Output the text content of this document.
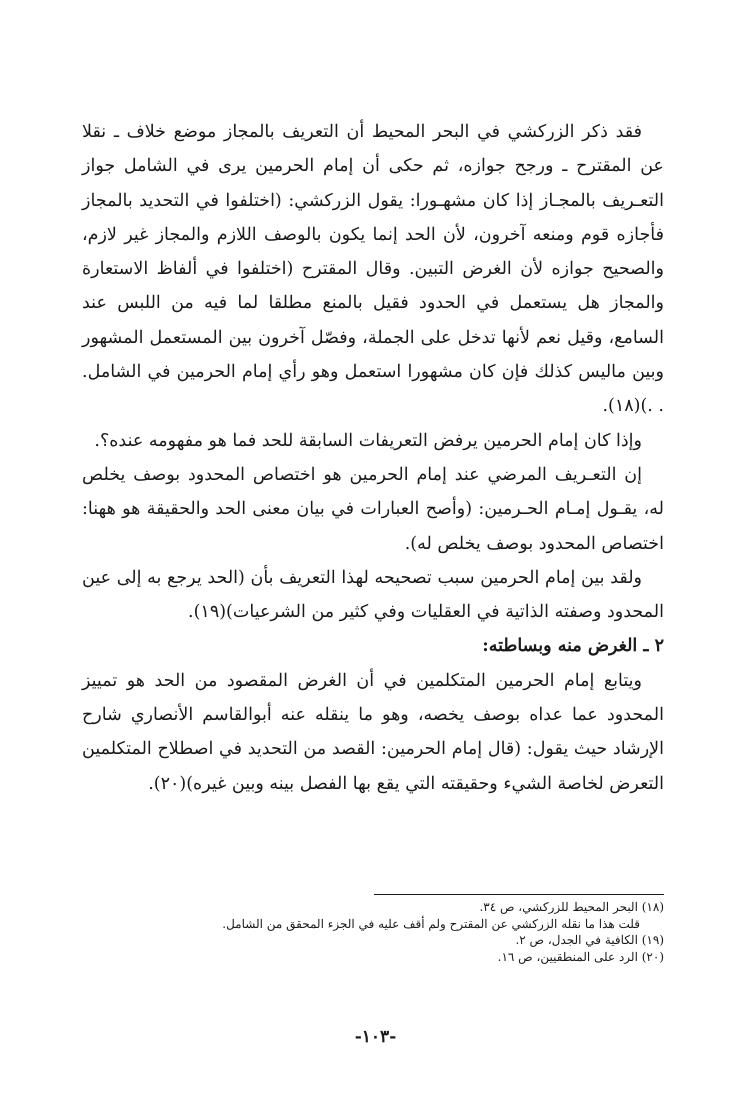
فقد ذكر الزركشي في البحر المحيط أن التعريف بالمجاز موضع خلاف ـ نقلا عن المقترح ـ ورجح جوازه، ثم حكى أن إمام الحرمين يرى في الشامل جواز التعـريف بالمجـاز إذا كان مشهـورا: يقول الزركشي: (اختلفوا في التحديد بالمجاز فأجازه قوم ومنعه آخرون، لأن الحد إنما يكون بالوصف اللازم والمجاز غير لازم، والصحيح جوازه لأن الغرض التبين. وقال المقترح (اختلفوا في ألفاظ الاستعارة والمجاز هل يستعمل في الحدود فقيل بالمنع مطلقا لما فيه من اللبس عند السامع، وقيل نعم لأنها تدخل على الجملة، وفصّل آخرون بين المستعمل المشهور وبين ماليس كذلك فإن كان مشهورا استعمل وهو رأي إمام الحرمين في الشامل. . .)(١٨).

وإذا كان إمام الحرمين يرفض التعريفات السابقة للحد فما هو مفهومه عنده؟.

إن التعـريف المرضي عند إمام الحرمين هو اختصاص المحدود بوصف يخلص له، يقـول إمـام الحـرمين: (وأصح العبارات في بيان معنى الحد والحقيقة هو ههنا: اختصاص المحدود بوصف يخلص له).

ولقد بين إمام الحرمين سبب تصحيحه لهذا التعريف بأن (الحد يرجع به إلى عين المحدود وصفته الذاتية في العقليات وفي كثير من الشرعيات)(١٩).

٢ ـ الغرض منه وبساطته:

ويتابع إمام الحرمين المتكلمين في أن الغرض المقصود من الحد هو تمييز المحدود عما عداه بوصف يخصه، وهو ما ينقله عنه أبوالقاسم الأنصاري شارح الإرشاد حيث يقول: (قال إمام الحرمين: القصد من التحديد في اصطلاح المتكلمين التعرض لخاصة الشيء وحقيقته التي يقع بها الفصل بينه وبين غيره)(٢٠).

(١٨) البحر المحيط للزركشي، ص ٣٤.

قلت هذا ما نقله الزركشي عن المقترح ولم أقف عليه في الجزء المحقق من الشامل.

(١٩) الكافية في الجدل، ص ٢.

(٢٠) الرد على المنطقيين، ص ١٦.

-١٠٣-
